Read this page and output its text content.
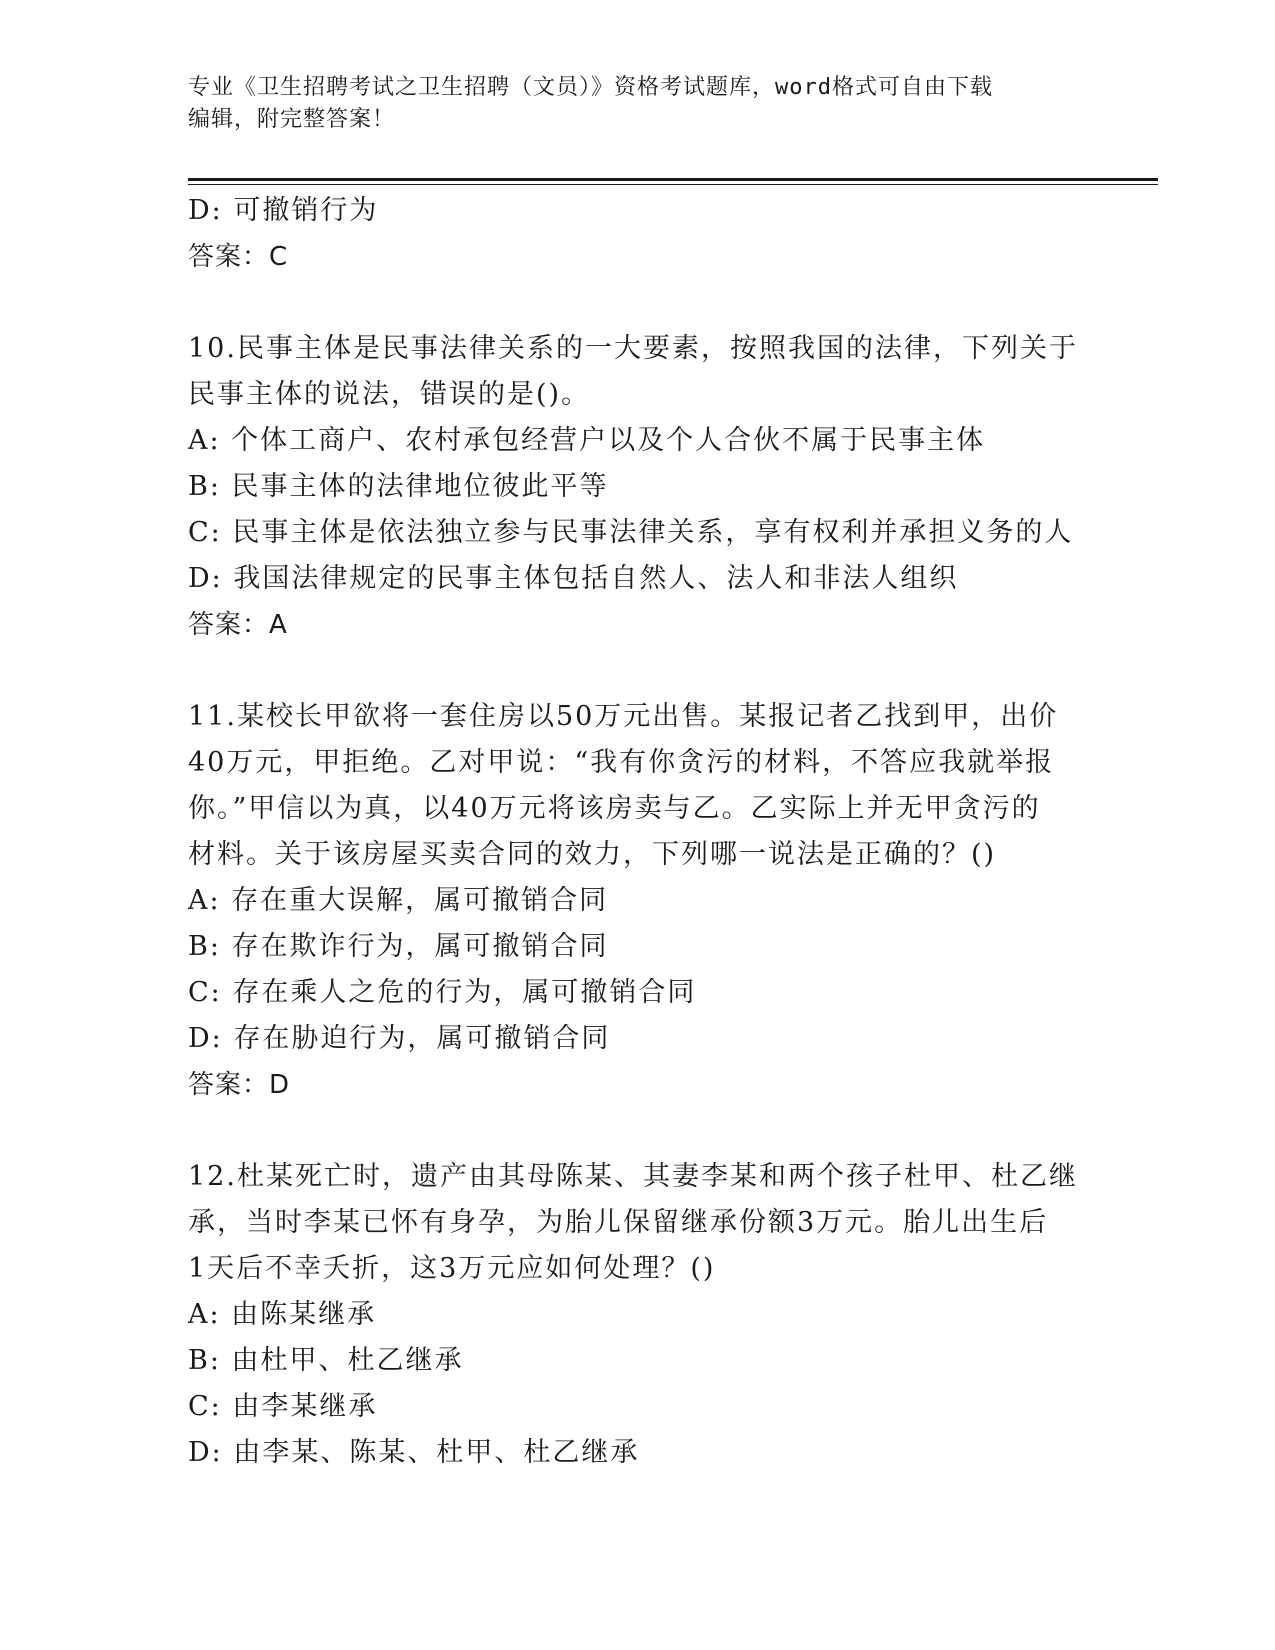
专业《卫生招聘考试之卫生招聘（文员）》资格考试题库，word格式可自由下载
编辑，附完整答案！
D: 可撤销行为
答案：C
10.民事主体是民事法律关系的一大要素，按照我国的法律，下列关于
民事主体的说法，错误的是()。
A: 个体工商户、农村承包经营户以及个人合伙不属于民事主体
B: 民事主体的法律地位彼此平等
C: 民事主体是依法独立参与民事法律关系，享有权利并承担义务的人
D: 我国法律规定的民事主体包括自然人、法人和非法人组织
答案：A
11.某校长甲欲将一套住房以50万元出售。某报记者乙找到甲，出价
40万元，甲拒绝。乙对甲说：“我有你贪污的材料，不答应我就举报
你。”甲信以为真，以40万元将该房卖与乙。乙实际上并无甲贪污的
材料。关于该房屋买卖合同的效力，下列哪一说法是正确的？()
A: 存在重大误解，属可撤销合同
B: 存在欺诈行为，属可撤销合同
C: 存在乘人之危的行为，属可撤销合同
D: 存在胁迫行为，属可撤销合同
答案：D
12.杜某死亡时，遗产由其母陈某、其妻李某和两个孩子杜甲、杜乙继
承，当时李某已怀有身孕，为胎儿保留继承份额3万元。胎儿出生后
1天后不幸夭折，这3万元应如何处理？()
A: 由陈某继承
B: 由杜甲、杜乙继承
C: 由李某继承
D: 由李某、陈某、杜甲、杜乙继承
